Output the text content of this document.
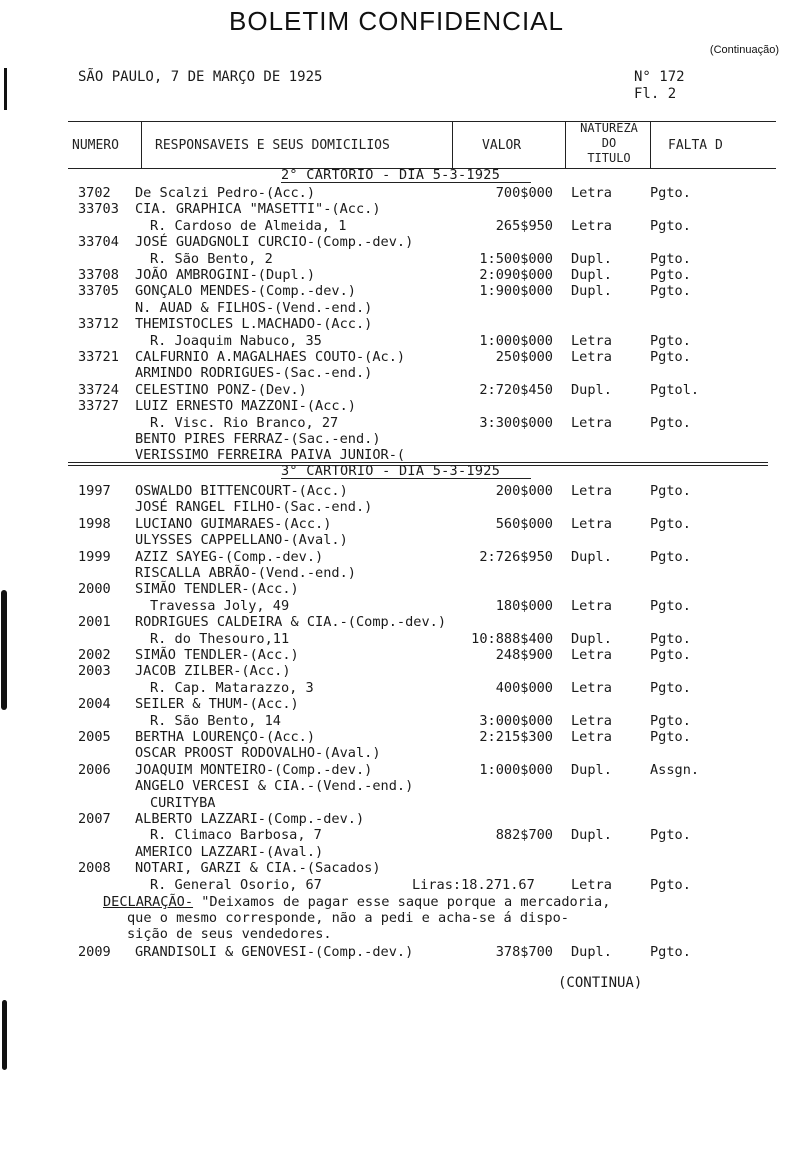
BOLETIM CONFIDENCIAL
(Continuação)
SÃO PAULO, 7 DE MARÇO DE 1925	N° 172
Fl. 2
NUMERO	RESPONSAVEIS E SEUS DOMICILIOS	VALOR
NATUREZA
DO
TITULO
FALTA D
2° CARTORIO - DIA 5-3-1925
3702 De Scalzi Pedro-(Acc.)	700$000 Letra	Pgto.
33703 CIA. GRAPHICA "MASETTI"-(Acc.)
R. Cardoso de Almeida, 1	265$950 Letra	Pgto.
33704 JOSÉ GUADGNOLI CURCIO-(Comp.-dev.)
R. São Bento, 2	1:500$000 Dupl.	Pgto.
33708 JOÃO AMBROGINI-(Dupl.)	2:090$000 Dupl.	Pgto.
33705 GONÇALO MENDES-(Comp.-dev.)	1:900$000 Dupl.	Pgto.
N. AUAD & FILHOS-(Vend.-end.)
33712 THEMISTOCLES L.MACHADO-(Acc.)
R. Joaquim Nabuco, 35	1:000$000 Letra	Pgto.
33721 CALFURNIO A.MAGALHAES COUTO-(Ac.)	250$000 Letra	Pgto.
ARMINDO RODRIGUES-(Sac.-end.)
33724 CELESTINO PONZ-(Dev.)	2:720$450 Dupl.	Pgtol.
33727 LUIZ ERNESTO MAZZONI-(Acc.)
R. Visc. Rio Branco, 27	3:300$000 Letra	Pgto.
BENTO PIRES FERRAZ-(Sac.-end.)
VERISSIMO FERREIRA PAIVA JUNIOR-(
3° CARTORIO - DIA 5-3-1925
1997 OSWALDO BITTENCOURT-(Acc.)	200$000 Letra	Pgto.
JOSÉ RANGEL FILHO-(Sac.-end.)
1998 LUCIANO GUIMARAES-(Acc.)	560$000 Letra	Pgto.
ULYSSES CAPPELLANO-(Aval.)
1999 AZIZ SAYEG-(Comp.-dev.)	2:726$950 Dupl.	Pgto.
RISCALLA ABRÃO-(Vend.-end.)
2000 SIMÃO TENDLER-(Acc.)
Travessa Joly, 49	180$000 Letra	Pgto.
2001 RODRIGUES CALDEIRA & CIA.-(Comp.-dev.)
R. do Thesouro,11	10:888$400 Dupl.	Pgto.
2002 SIMÃO TENDLER-(Acc.)	248$900 Letra	Pgto.
2003 JACOB ZILBER-(Acc.)
R. Cap. Matarazzo, 3	400$000 Letra	Pgto.
2004 SEILER & THUM-(Acc.)
R. São Bento, 14	3:000$000 Letra	Pgto.
2005 BERTHA LOURENÇO-(Acc.)	2:215$300 Letra	Pgto.
OSCAR PROOST RODOVALHO-(Aval.)
2006 JOAQUIM MONTEIRO-(Comp.-dev.)	1:000$000 Dupl.	Assgn.
ANGELO VERCESI & CIA.-(Vend.-end.)
CURITYBA
2007 ALBERTO LAZZARI-(Comp.-dev.)
R. Climaco Barbosa, 7	882$700 Dupl.	Pgto.
AMERICO LAZZARI-(Aval.)
2008 NOTARI, GARZI & CIA.-(Sacados)
R. General Osorio, 67	Liras:18.271.67	Letra	Pgto.
DECLARAÇÃO- "Deixamos de pagar esse saque porque a mercadoria,
que o mesmo corresponde, não a pedi e acha-se á dispo-
sição de seus vendedores.
2009 GRANDISOLI & GENOVESI-(Comp.-dev.)	378$700 Dupl.	Pgto.
(CONTINUA)
